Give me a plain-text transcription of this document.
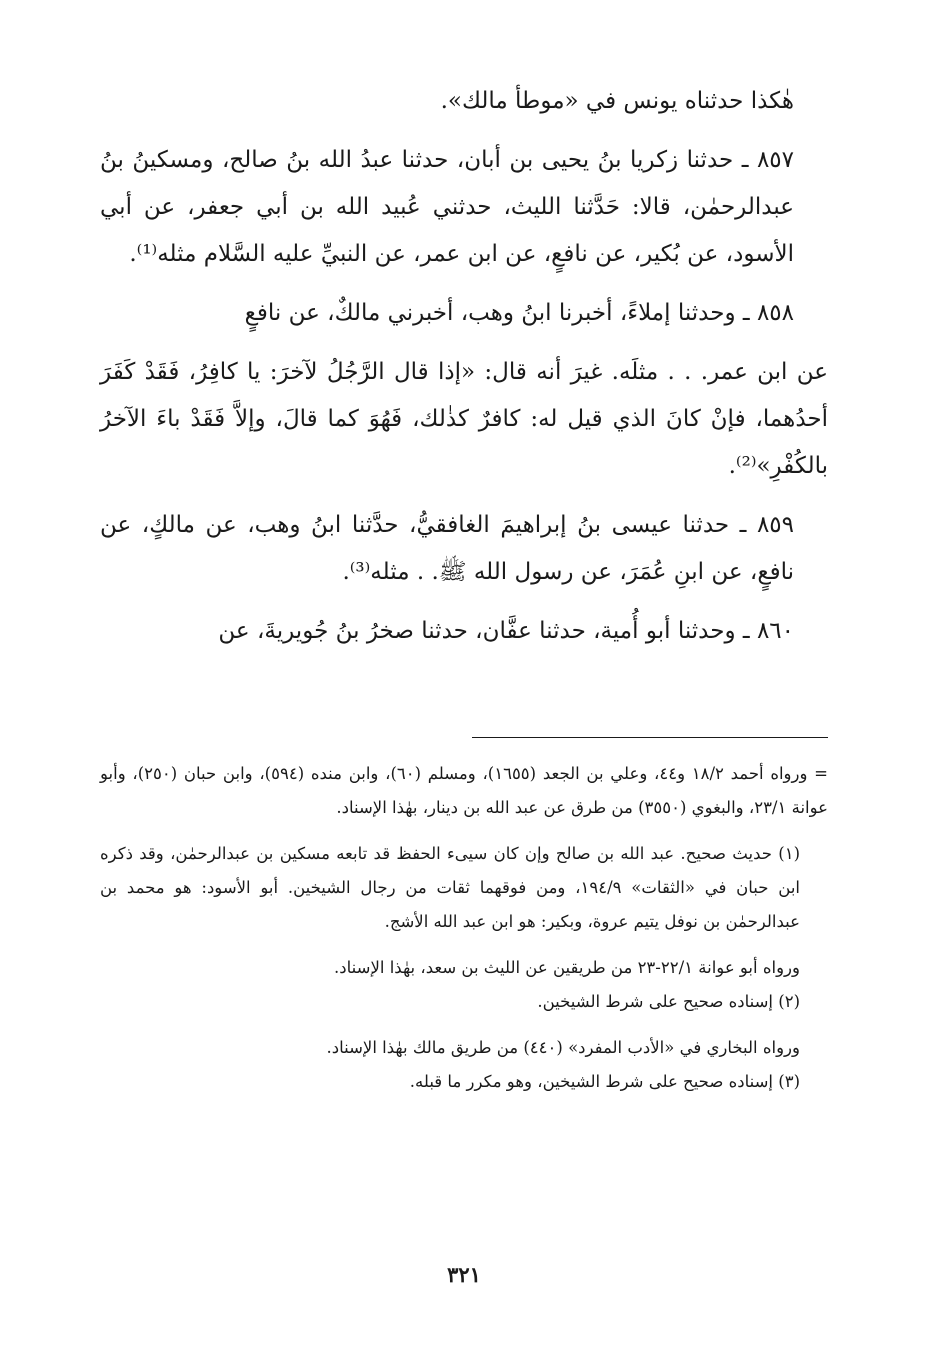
هٰكذا حدثناه يونس في «موطأ مالك».

٨٥٧ ـ حدثنا زكريا بنُ يحيى بن أبان، حدثنا عبدُ الله بنُ صالح، ومسكينُ بنُ عبدالرحمٰن، قالا: حَدَّثنا الليث، حدثني عُبيد الله بن أبي جعفر، عن أبي الأسود، عن بُكير، عن نافعٍ، عن ابن عمر، عن النبيِّ عليه السَّلام مثله⁽¹⁾.

٨٥٨ ـ وحدثنا إملاءً، أخبرنا ابنُ وهب، أخبرني مالكٌ، عن نافعٍ

عن ابن عمر. . . مثلَه. غيرَ أنه قال: «إذا قال الرَّجُلُ لآخرَ: يا كافِرُ، فَقَدْ كَفَرَ أحدُهما، فإنْ كانَ الذي قيل له: كافرٌ كذٰلك، فَهُوَ كما قالَ، وإلاَّ فَقَدْ باءَ الآخرُ بالكُفْرِ»⁽²⁾.

٨٥٩ ـ حدثنا عيسى بنُ إبراهيمَ الغافقيُّ، حدَّثنا ابنُ وهب، عن مالكٍ، عن نافعٍ، عن ابنِ عُمَرَ، عن رسول الله ﷺ. . مثله⁽³⁾.

٨٦٠ ـ وحدثنا أبو أُمية، حدثنا عفَّان، حدثنا صخرُ بنُ جُويريةَ، عن

= ورواه أحمد ١٨/٢ و٤٤، وعلي بن الجعد (١٦٥٥)، ومسلم (٦٠)، وابن منده (٥٩٤)، وابن حبان (٢٥٠)، وأبو عوانة ٢٣/١، والبغوي (٣٥٥٠) من طرق عن عبد الله بن دينار، بهٰذا الإسناد.

(١) حديث صحيح. عبد الله بن صالح وإن كان سيىء الحفظ قد تابعه مسكين بن عبدالرحمٰن، وقد ذكره ابن حبان في «الثقات» ١٩٤/٩، ومن فوقهما ثقات من رجال الشيخين. أبو الأسود: هو محمد بن عبدالرحمٰن بن نوفل يتيم عروة، وبكير: هو ابن عبد الله الأشج.

ورواه أبو عوانة ٢٢/١-٢٣ من طريقين عن الليث بن سعد، بهٰذا الإسناد.

(٢) إسناده صحيح على شرط الشيخين.

ورواه البخاري في «الأدب المفرد» (٤٤٠) من طريق مالك بهٰذا الإسناد.

(٣) إسناده صحيح على شرط الشيخين، وهو مكرر ما قبله.

٣٢١
